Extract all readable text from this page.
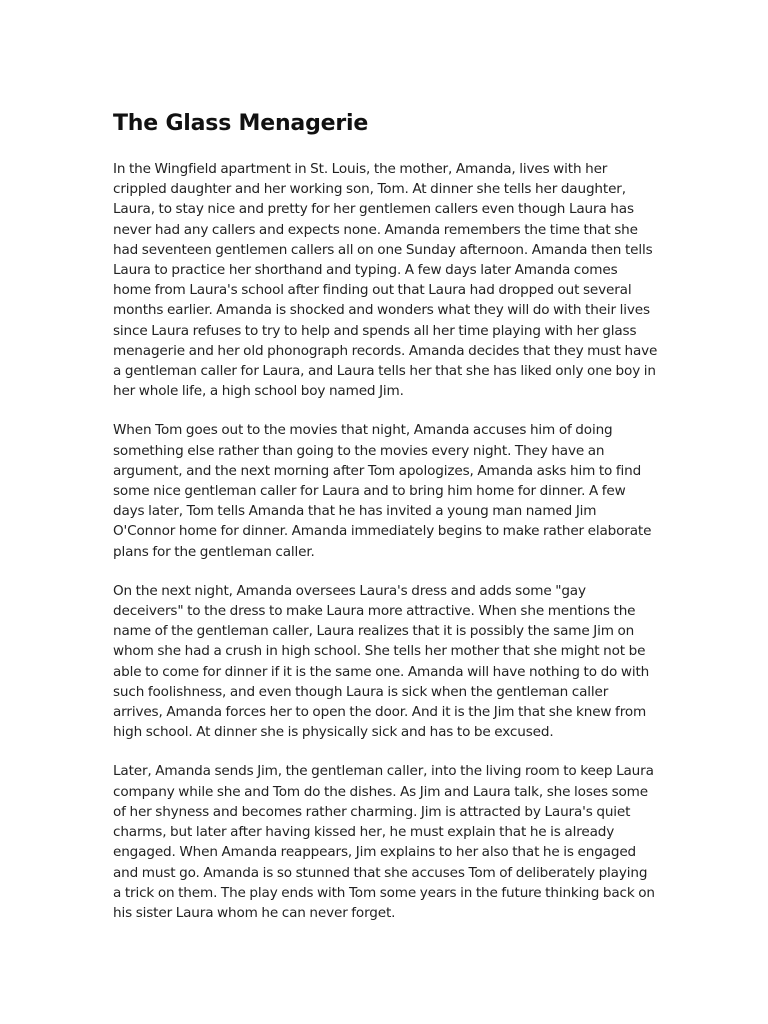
The Glass Menagerie

In the Wingfield apartment in St. Louis, the mother, Amanda, lives with her crippled daughter and her working son, Tom. At dinner she tells her daughter, Laura, to stay nice and pretty for her gentlemen callers even though Laura has never had any callers and expects none. Amanda remembers the time that she had seventeen gentlemen callers all on one Sunday afternoon. Amanda then tells Laura to practice her shorthand and typing. A few days later Amanda comes home from Laura's school after finding out that Laura had dropped out several months earlier. Amanda is shocked and wonders what they will do with their lives since Laura refuses to try to help and spends all her time playing with her glass menagerie and her old phonograph records. Amanda decides that they must have a gentleman caller for Laura, and Laura tells her that she has liked only one boy in her whole life, a high school boy named Jim.

When Tom goes out to the movies that night, Amanda accuses him of doing something else rather than going to the movies every night. They have an argument, and the next morning after Tom apologizes, Amanda asks him to find some nice gentleman caller for Laura and to bring him home for dinner. A few days later, Tom tells Amanda that he has invited a young man named Jim O'Connor home for dinner. Amanda immediately begins to make rather elaborate plans for the gentleman caller.

On the next night, Amanda oversees Laura's dress and adds some "gay deceivers" to the dress to make Laura more attractive. When she mentions the name of the gentleman caller, Laura realizes that it is possibly the same Jim on whom she had a crush in high school. She tells her mother that she might not be able to come for dinner if it is the same one. Amanda will have nothing to do with such foolishness, and even though Laura is sick when the gentleman caller arrives, Amanda forces her to open the door. And it is the Jim that she knew from high school. At dinner she is physically sick and has to be excused.

Later, Amanda sends Jim, the gentleman caller, into the living room to keep Laura company while she and Tom do the dishes. As Jim and Laura talk, she loses some of her shyness and becomes rather charming. Jim is attracted by Laura's quiet charms, but later after having kissed her, he must explain that he is already engaged. When Amanda reappears, Jim explains to her also that he is engaged and must go. Amanda is so stunned that she accuses Tom of deliberately playing a trick on them. The play ends with Tom some years in the future thinking back on his sister Laura whom he can never forget.
